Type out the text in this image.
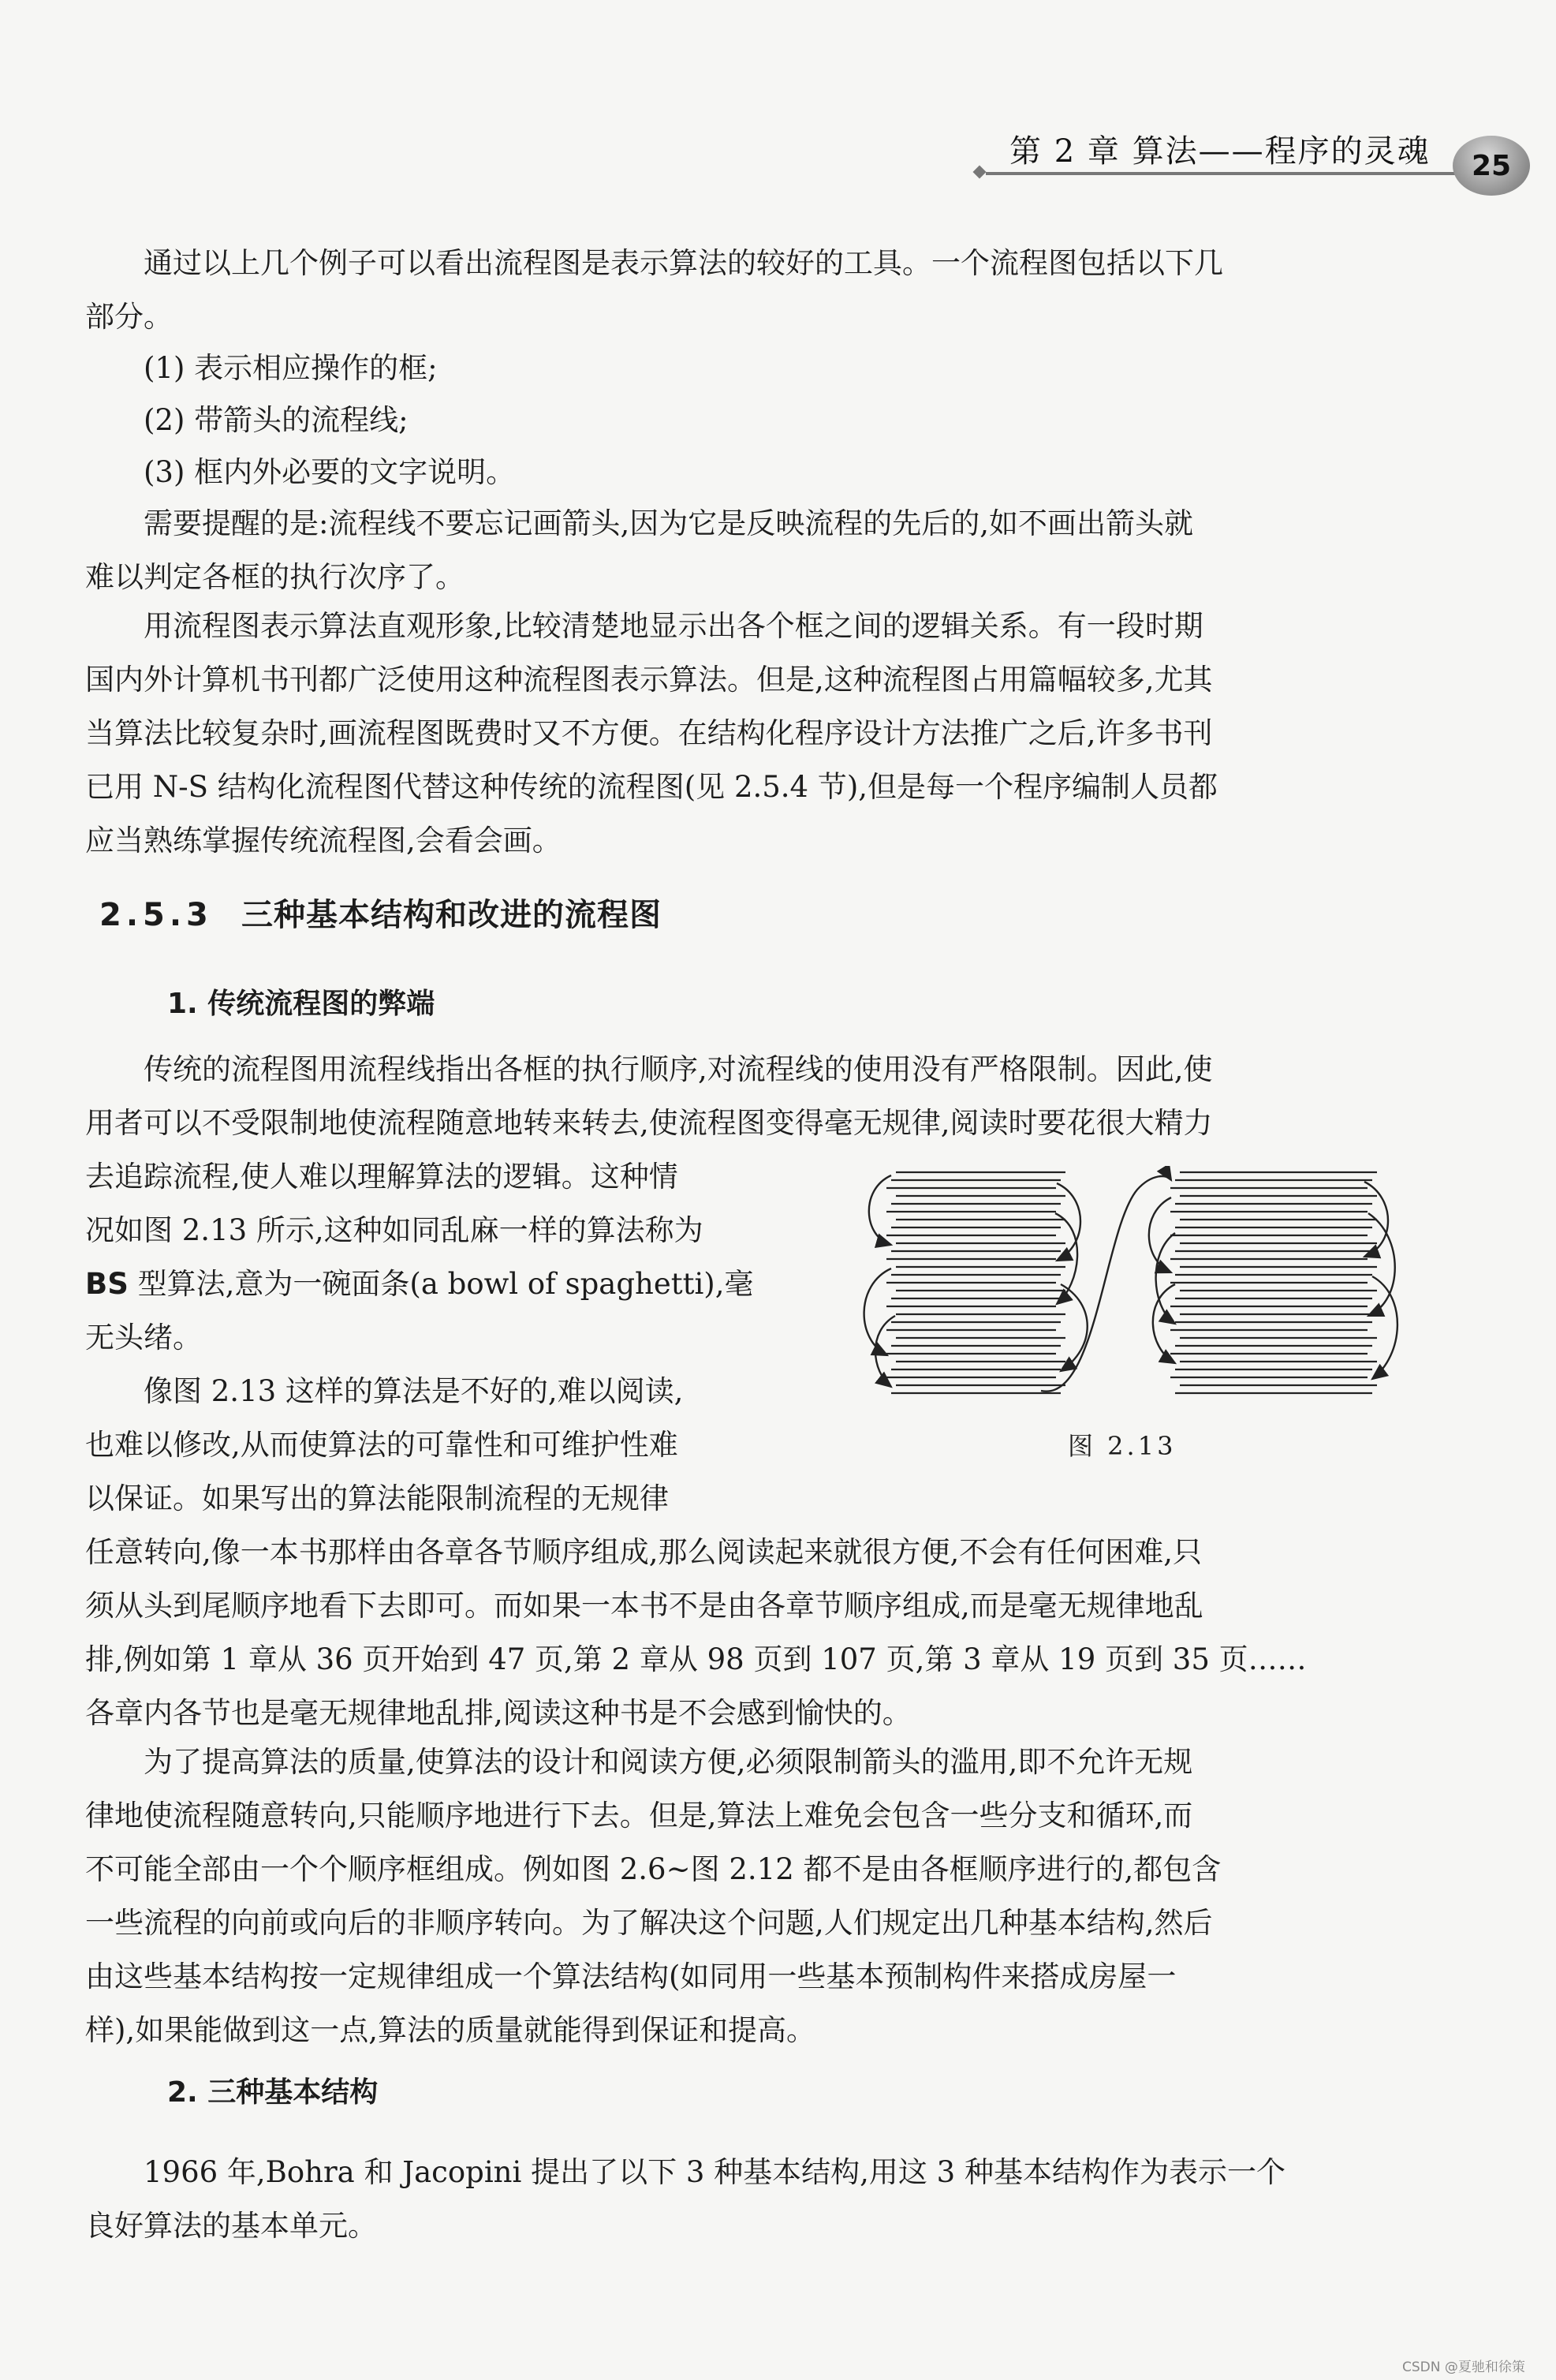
第 2 章 算法——程序的灵魂 25

通过以上几个例子可以看出流程图是表示算法的较好的工具。一个流程图包括以下几
部分。

(1) 表示相应操作的框;

(2) 带箭头的流程线;

(3) 框内外必要的文字说明。

需要提醒的是:流程线不要忘记画箭头,因为它是反映流程的先后的,如不画出箭头就
难以判定各框的执行次序了。

用流程图表示算法直观形象,比较清楚地显示出各个框之间的逻辑关系。有一段时期
国内外计算机书刊都广泛使用这种流程图表示算法。但是,这种流程图占用篇幅较多,尤其
当算法比较复杂时,画流程图既费时又不方便。在结构化程序设计方法推广之后,许多书刊
已用 N-S 结构化流程图代替这种传统的流程图(见 2.5.4 节),但是每一个程序编制人员都
应当熟练掌握传统流程图,会看会画。

2.5.3 三种基本结构和改进的流程图
1. 传统流程图的弊端

传统的流程图用流程线指出各框的执行顺序,对流程线的使用没有严格限制。因此,使
用者可以不受限制地使流程随意地转来转去,使流程图变得毫无规律,阅读时要花很大精力

去追踪流程,使人难以理解算法的逻辑。这种情
况如图 2.13 所示,这种如同乱麻一样的算法称为
BS 型算法,意为一碗面条(a bowl of spaghetti),毫
无头绪。

像图 2.13 这样的算法是不好的,难以阅读,
也难以修改,从而使算法的可靠性和可维护性难
以保证。如果写出的算法能限制流程的无规律

任意转向,像一本书那样由各章各节顺序组成,那么阅读起来就很方便,不会有任何困难,只
须从头到尾顺序地看下去即可。而如果一本书不是由各章节顺序组成,而是毫无规律地乱
排,例如第 1 章从 36 页开始到 47 页,第 2 章从 98 页到 107 页,第 3 章从 19 页到 35 页……
各章内各节也是毫无规律地乱排,阅读这种书是不会感到愉快的。

为了提高算法的质量,使算法的设计和阅读方便,必须限制箭头的滥用,即不允许无规
律地使流程随意转向,只能顺序地进行下去。但是,算法上难免会包含一些分支和循环,而
不可能全部由一个个顺序框组成。例如图 2.6~图 2.12 都不是由各框顺序进行的,都包含
一些流程的向前或向后的非顺序转向。为了解决这个问题,人们规定出几种基本结构,然后
由这些基本结构按一定规律组成一个算法结构(如同用一些基本预制构件来搭成房屋一
样),如果能做到这一点,算法的质量就能得到保证和提高。

图 2.13
2. 三种基本结构

1966 年,Bohra 和 Jacopini 提出了以下 3 种基本结构,用这 3 种基本结构作为表示一个
良好算法的基本单元。

CSDN @夏驰和徐策
